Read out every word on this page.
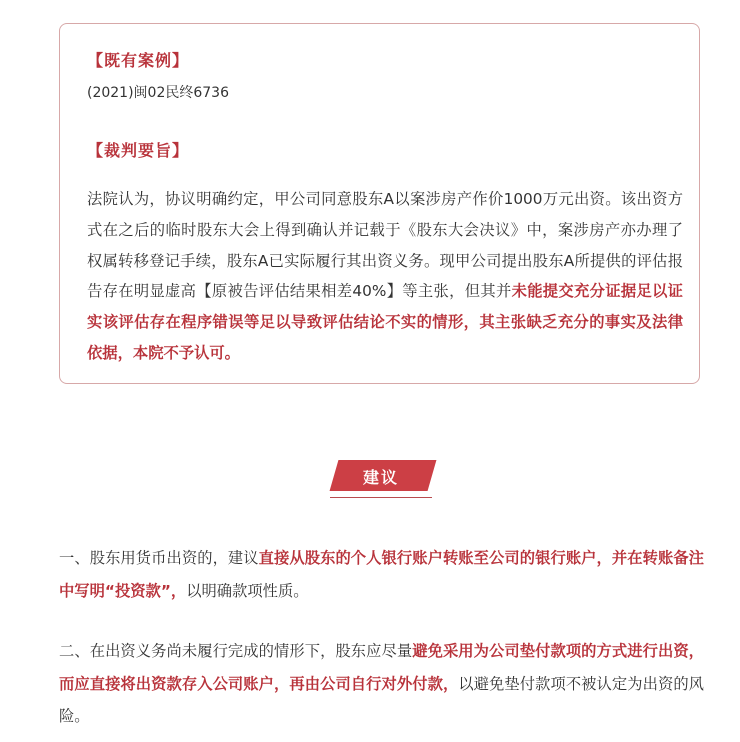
【既有案例】
(2021)闽02民终6736
【裁判要旨】

法院认为，协议明确约定，甲公司同意股东A以案涉房产作价1000万元出资。该出资方式在之后的临时股东大会上得到确认并记载于《股东大会决议》中，案涉房产亦办理了权属转移登记手续，股东A已实际履行其出资义务。现甲公司提出股东A所提供的评估报告存在明显虚高【原被告评估结果相差40%】等主张，但其并未能提交充分证据足以证实该评估存在程序错误等足以导致评估结论不实的情形，其主张缺乏充分的事实及法律依据，本院不予认可。

建议

一、股东用货币出资的，建议直接从股东的个人银行账户转账至公司的银行账户，并在转账备注中写明“投资款”，以明确款项性质。

二、在出资义务尚未履行完成的情形下，股东应尽量避免采用为公司垫付款项的方式进行出资，而应直接将出资款存入公司账户，再由公司自行对外付款，以避免垫付款项不被认定为出资的风险。
